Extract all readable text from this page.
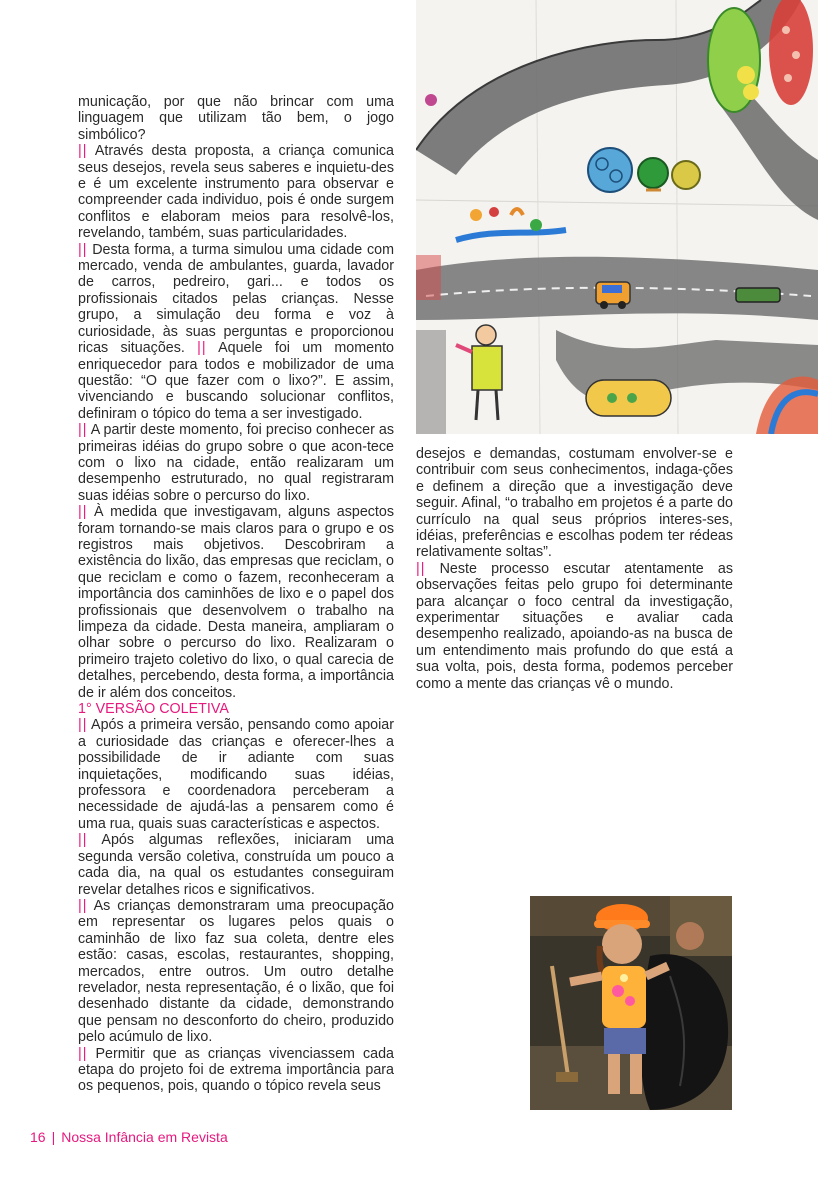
municação, por que não brincar com uma linguagem que utilizam tão bem, o jogo simbólico?

|| Através desta proposta, a criança comunica seus desejos, revela seus saberes e inquietu-des e é um excelente instrumento para observar e compreender cada individuo, pois é onde surgem conflitos e elaboram meios para resolvê-los, revelando, também, suas particularidades.

|| Desta forma, a turma simulou uma cidade com mercado, venda de ambulantes, guarda, lavador de carros, pedreiro, gari... e todos os profissionais citados pelas crianças. Nesse grupo, a simulação deu forma e voz à curiosidade, às suas perguntas e proporcionou ricas situações. || Aquele foi um momento enriquecedor para todos e mobilizador de uma questão: “O que fazer com o lixo?”. E assim, vivenciando e buscando solucionar conflitos, definiram o tópico do tema a ser investigado.

|| A partir deste momento, foi preciso conhecer as primeiras idéias do grupo sobre o que acon-tece com o lixo na cidade, então realizaram um desempenho estruturado, no qual registraram suas idéias sobre o percurso do lixo.

|| À medida que investigavam, alguns aspectos foram tornando-se mais claros para o grupo e os registros mais objetivos. Descobriram a existência do lixão, das empresas que reciclam, o que reciclam e como o fazem, reconheceram a importância dos caminhões de lixo e o papel dos profissionais que desenvolvem o trabalho na limpeza da cidade. Desta maneira, ampliaram o olhar sobre o percurso do lixo. Realizaram o primeiro trajeto coletivo do lixo, o qual carecia de detalhes, percebendo, desta forma, a importância de ir além dos conceitos.

1° VERSÃO COLETIVA

|| Após a primeira versão, pensando como apoiar a curiosidade das crianças e oferecer-lhes a possibilidade de ir adiante com suas inquietações, modificando suas idéias, professora e coordenadora perceberam a necessidade de ajudá-las a pensarem como é uma rua, quais suas características e aspectos.

|| Após algumas reflexões, iniciaram uma segunda versão coletiva, construída um pouco a cada dia, na qual os estudantes conseguiram revelar detalhes ricos e significativos.

|| As crianças demonstraram uma preocupação em representar os lugares pelos quais o caminhão de lixo faz sua coleta, dentre eles estão: casas, escolas, restaurantes, shopping, mercados, entre outros. Um outro detalhe revelador, nesta representação, é o lixão, que foi desenhado distante da cidade, demonstrando que pensam no desconforto do cheiro, produzido pelo acúmulo de lixo.

|| Permitir que as crianças vivenciassem cada etapa do projeto foi de extrema importância para os pequenos, pois, quando o tópico revela seus

desejos e demandas, costumam envolver-se e contribuir com seus conhecimentos, indaga-ções e definem a direção que a investigação deve seguir. Afinal, “o trabalho em projetos é a parte do currículo na qual seus próprios interes-ses, idéias, preferências e escolhas podem ter rédeas relativamente soltas”.

|| Neste processo escutar atentamente as observações feitas pelo grupo foi determinante para alcançar o foco central da investigação, experimentar situações e avaliar cada desempenho realizado, apoiando-as na busca de um entendimento mais profundo do que está a sua volta, pois, desta forma, podemos perceber como a mente das crianças vê o mundo.

16 | Nossa Infância em Revista
